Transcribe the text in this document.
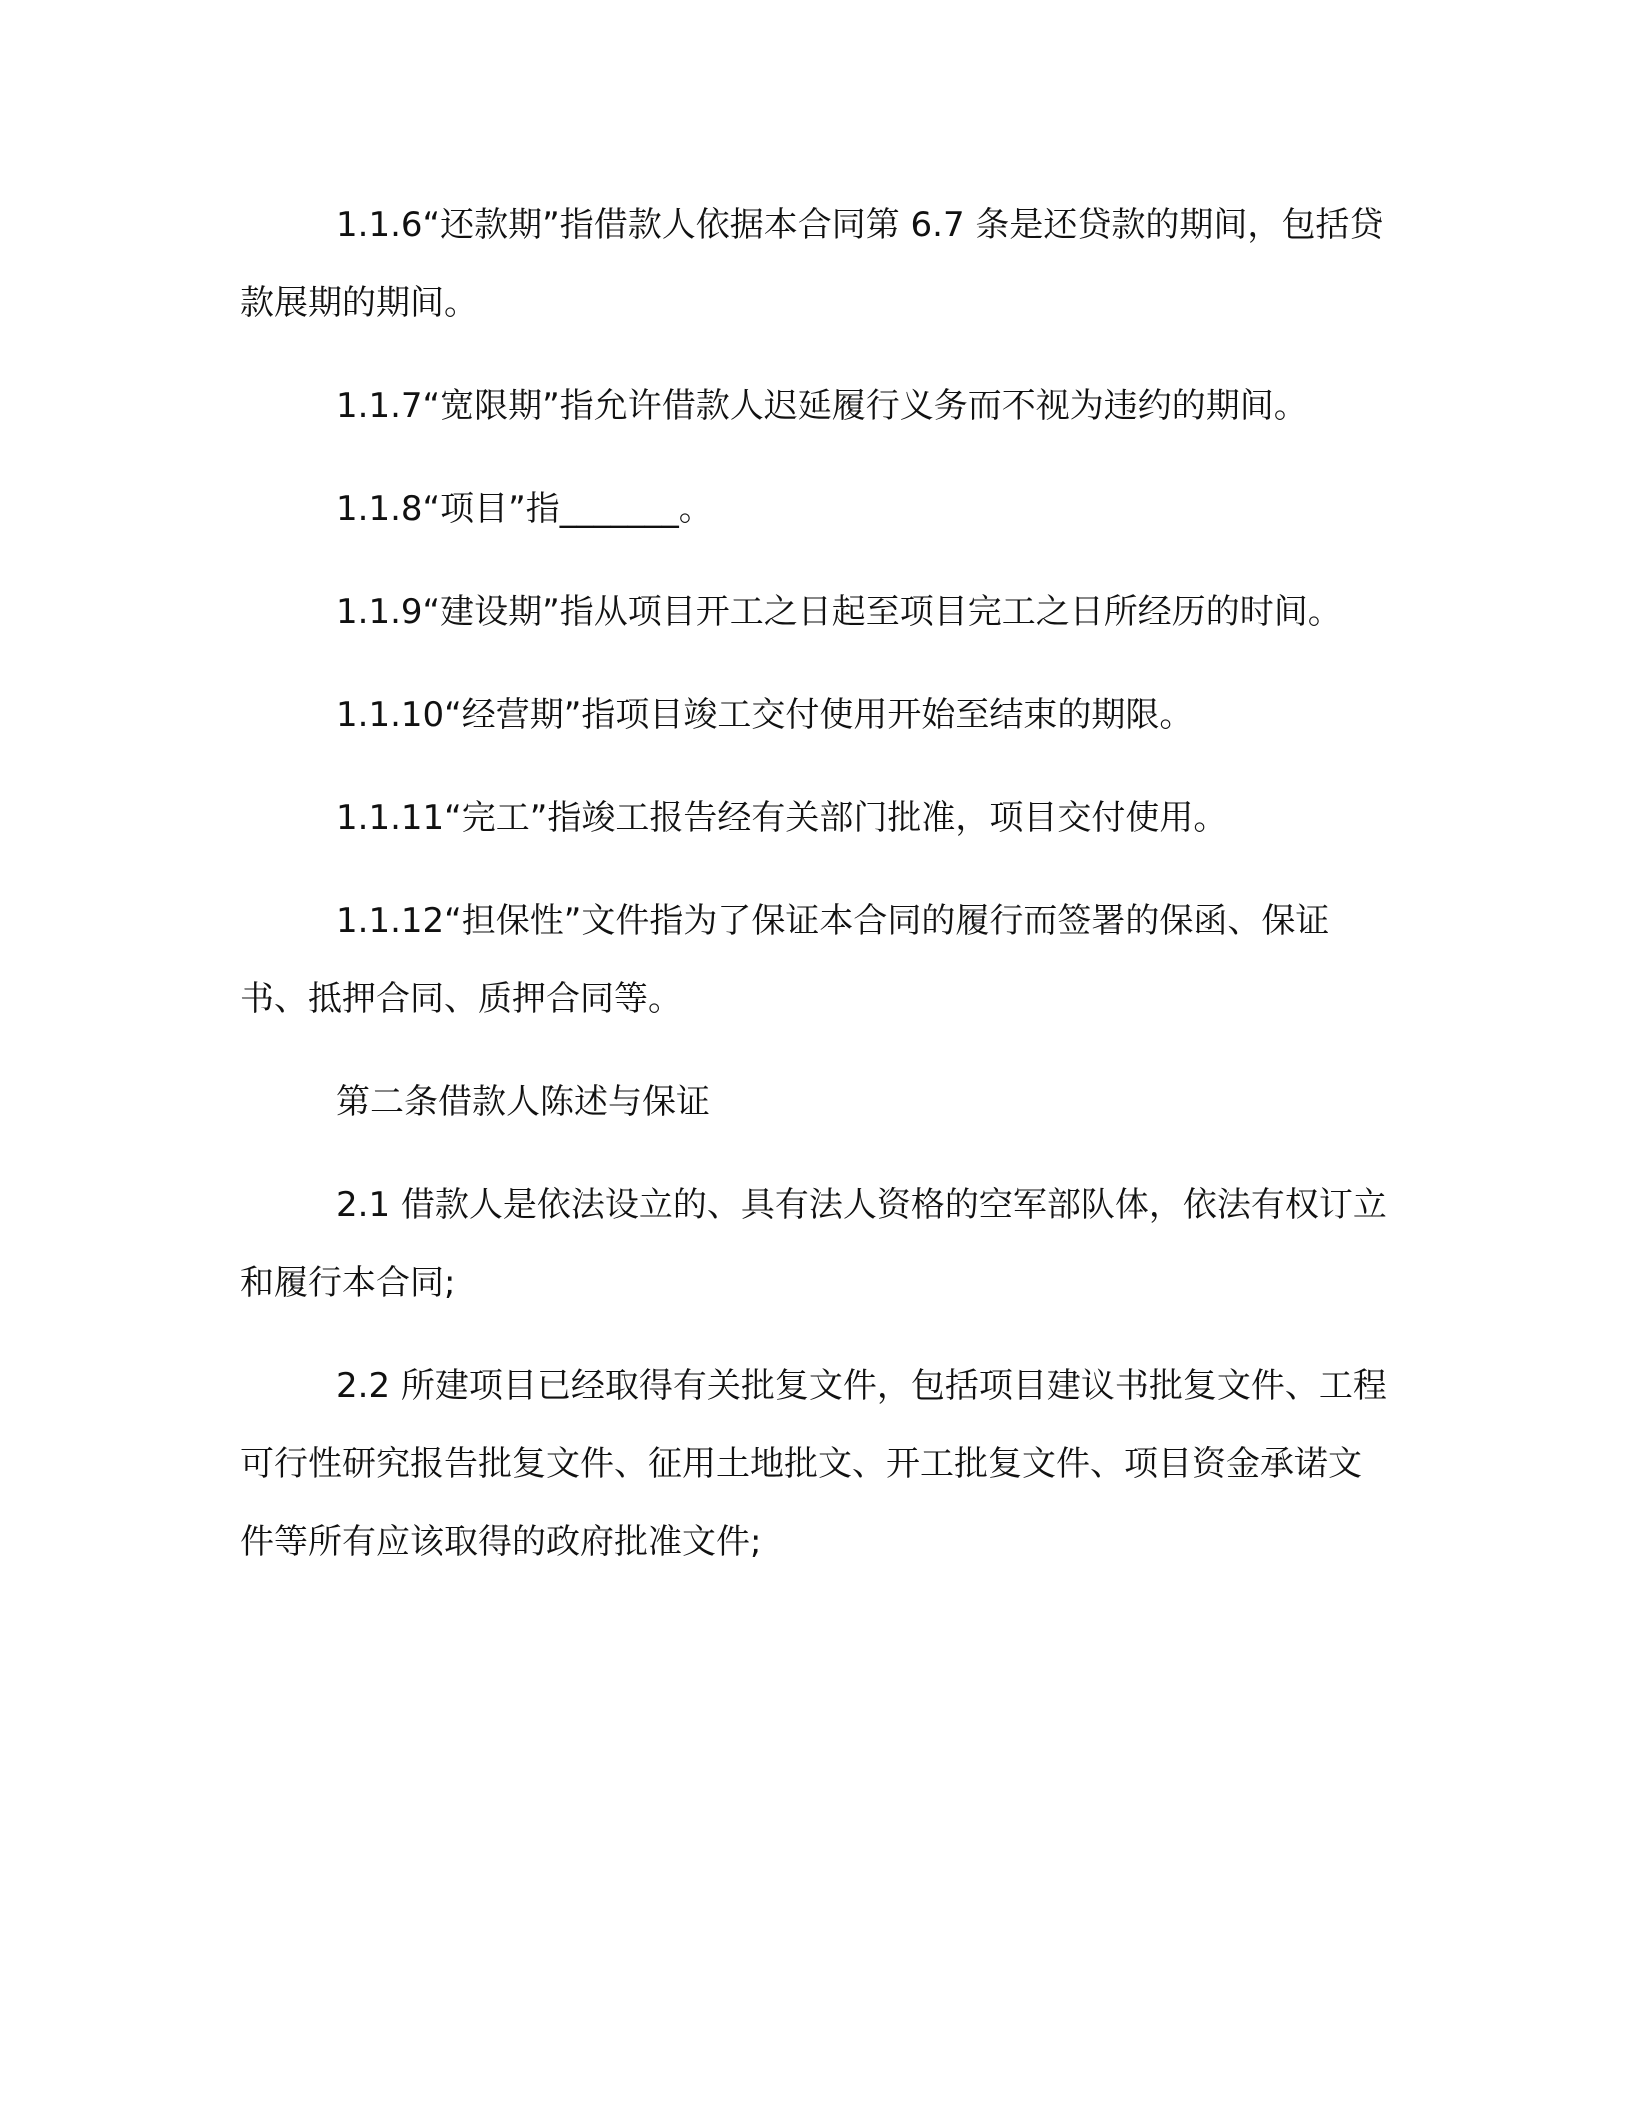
1.1.6“还款期”指借款人依据本合同第 6.7 条是还贷款的期间，包括贷款展期的期间。

1.1.7“宽限期”指允许借款人迟延履行义务而不视为违约的期间。

1.1.8“项目”指_______。

1.1.9“建设期”指从项目开工之日起至项目完工之日所经历的时间。

1.1.10“经营期”指项目竣工交付使用开始至结束的期限。

1.1.11“完工”指竣工报告经有关部门批准，项目交付使用。

1.1.12“担保性”文件指为了保证本合同的履行而签署的保函、保证书、抵押合同、质押合同等。

第二条借款人陈述与保证

2.1 借款人是依法设立的、具有法人资格的空军部队体，依法有权订立和履行本合同;

2.2 所建项目已经取得有关批复文件，包括项目建议书批复文件、工程可行性研究报告批复文件、征用土地批文、开工批复文件、项目资金承诺文件等所有应该取得的政府批准文件;
